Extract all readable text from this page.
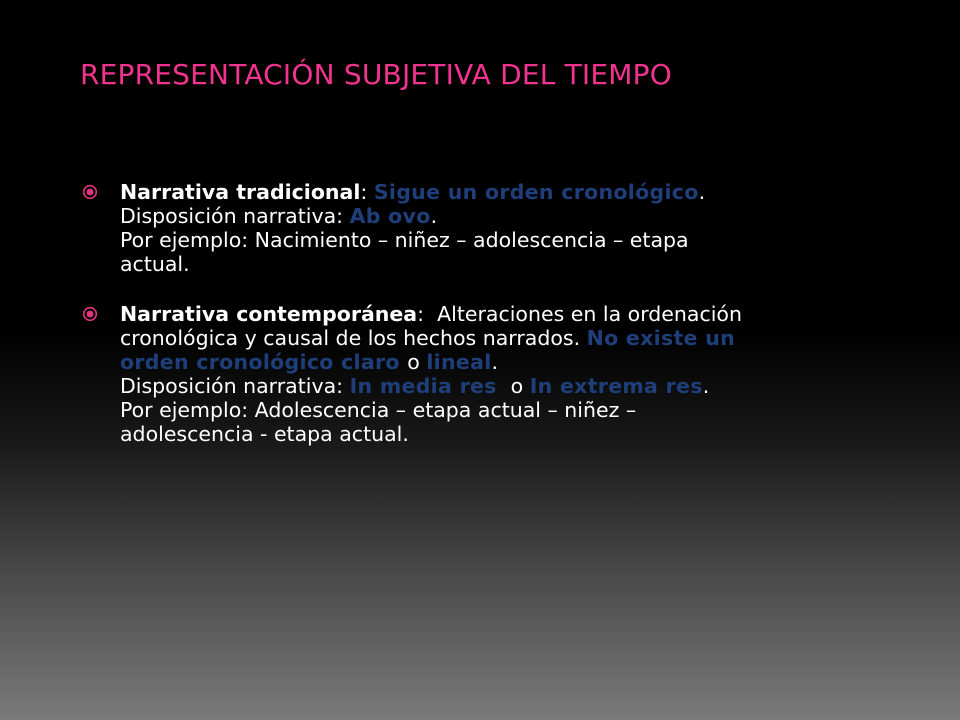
REPRESENTACIÓN SUBJETIVA DEL TIEMPO
Narrativa tradicional: Sigue un orden cronológico.
Disposición narrativa: Ab ovo.
Por ejemplo: Nacimiento – niñez – adolescencia – etapa
actual.
Narrativa contemporánea:  Alteraciones en la ordenación
cronológica y causal de los hechos narrados. No existe un
orden cronológico claro o lineal.
Disposición narrativa: In media res  o In extrema res.
Por ejemplo: Adolescencia – etapa actual – niñez –
adolescencia - etapa actual.
